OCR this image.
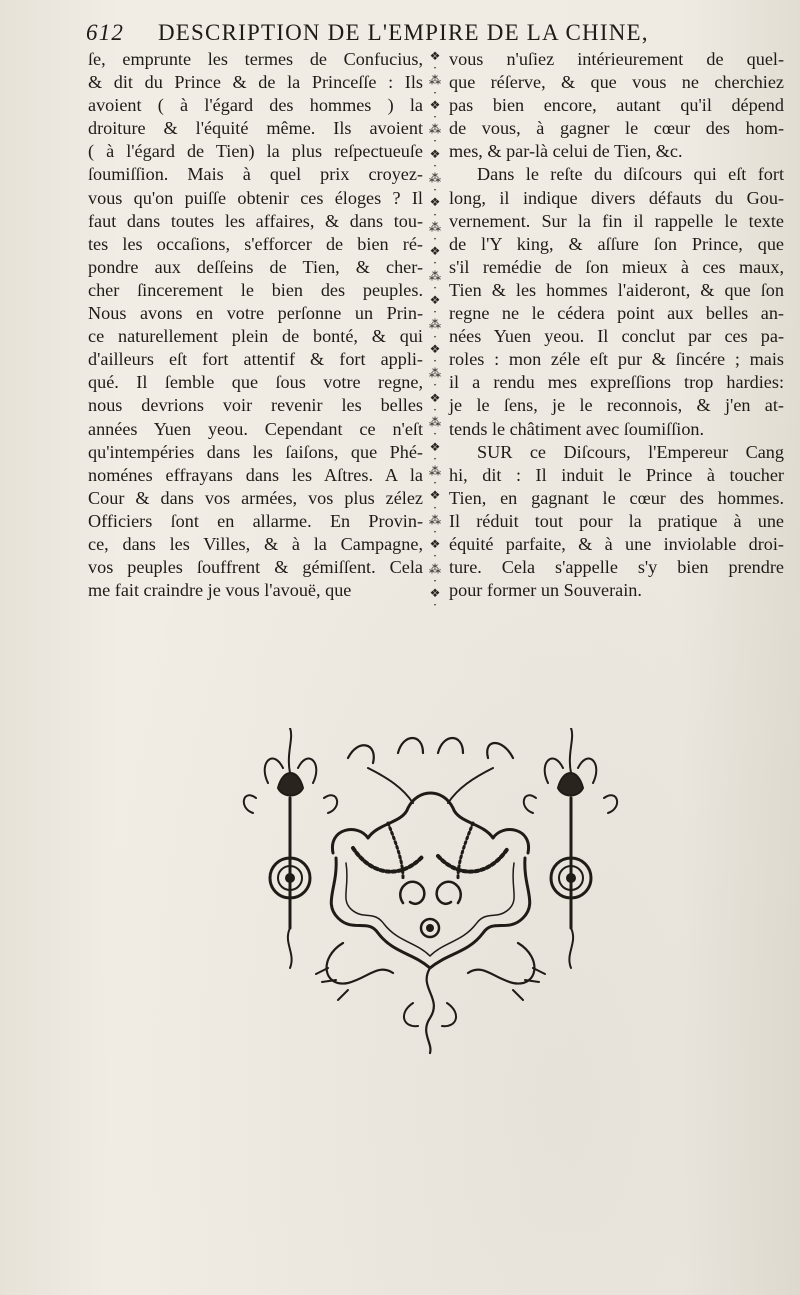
612 DESCRIPTION DE L'EMPIRE DE LA CHINE,
ſe, emprunte les termes de Confucius,
& dit du Prince & de la Princeſſe : Ils
avoient ( à l'égard des hommes ) la
droiture & l'équité même. Ils avoient
( à l'égard de Tien) la plus reſpectueuſe
ſoumiſſion. Mais à quel prix croyez-
vous qu'on puiſſe obtenir ces éloges ? Il
faut dans toutes les affaires, & dans tou-
tes les occaſions, s'efforcer de bien ré-
pondre aux deſſeins de Tien, & cher-
cher ſincerement le bien des peuples.
Nous avons en votre perſonne un Prin-
ce naturellement plein de bonté, & qui
d'ailleurs eſt fort attentif & fort appli-
qué. Il ſemble que ſous votre regne,
nous devrions voir revenir les belles
années Yuen yeou. Cependant ce n'eſt
qu'intempéries dans les ſaiſons, que Phé-
noménes effrayans dans les Aſtres. A la
Cour & dans vos armées, vos plus zélez
Officiers ſont en allarme. En Provin-
ce, dans les Villes, & à la Campagne,
vos peuples ſouffrent & gémiſſent. Cela
me fait craindre je vous l'avouë, que
❖
·
⁂
·
❖
·
⁂
·
❖
·
⁂
·
❖
·
⁂
·
❖
·
⁂
·
❖
·
⁂
·
❖
·
⁂
·
❖
·
⁂
·
❖
·
⁂
·
❖
·
⁂
·
❖
·
⁂
·
❖
·
vous n'uſiez intérieurement de quel-
que réſerve, & que vous ne cherchiez
pas bien encore, autant qu'il dépend
de vous, à gagner le cœur des hom-
mes, & par-là celui de Tien, &c.
Dans le reſte du diſcours qui eſt fort
long, il indique divers défauts du Gou-
vernement. Sur la fin il rappelle le texte
de l'Y king, & aſſure ſon Prince, que
s'il remédie de ſon mieux à ces maux,
Tien & les hommes l'aideront, & que ſon
regne ne le cédera point aux belles an-
nées Yuen yeou. Il conclut par ces pa-
roles : mon zéle eſt pur & ſincére ; mais
il a rendu mes expreſſions trop hardies:
je le ſens, je le reconnois, & j'en at-
tends le châtiment avec ſoumiſſion.
SUR ce Diſcours, l'Empereur Cang
hi, dit : Il induit le Prince à toucher
Tien, en gagnant le cœur des hommes.
Il réduit tout pour la pratique à une
équité parfaite, & à une inviolable droi-
ture. Cela s'appelle s'y bien prendre
pour former un Souverain.
